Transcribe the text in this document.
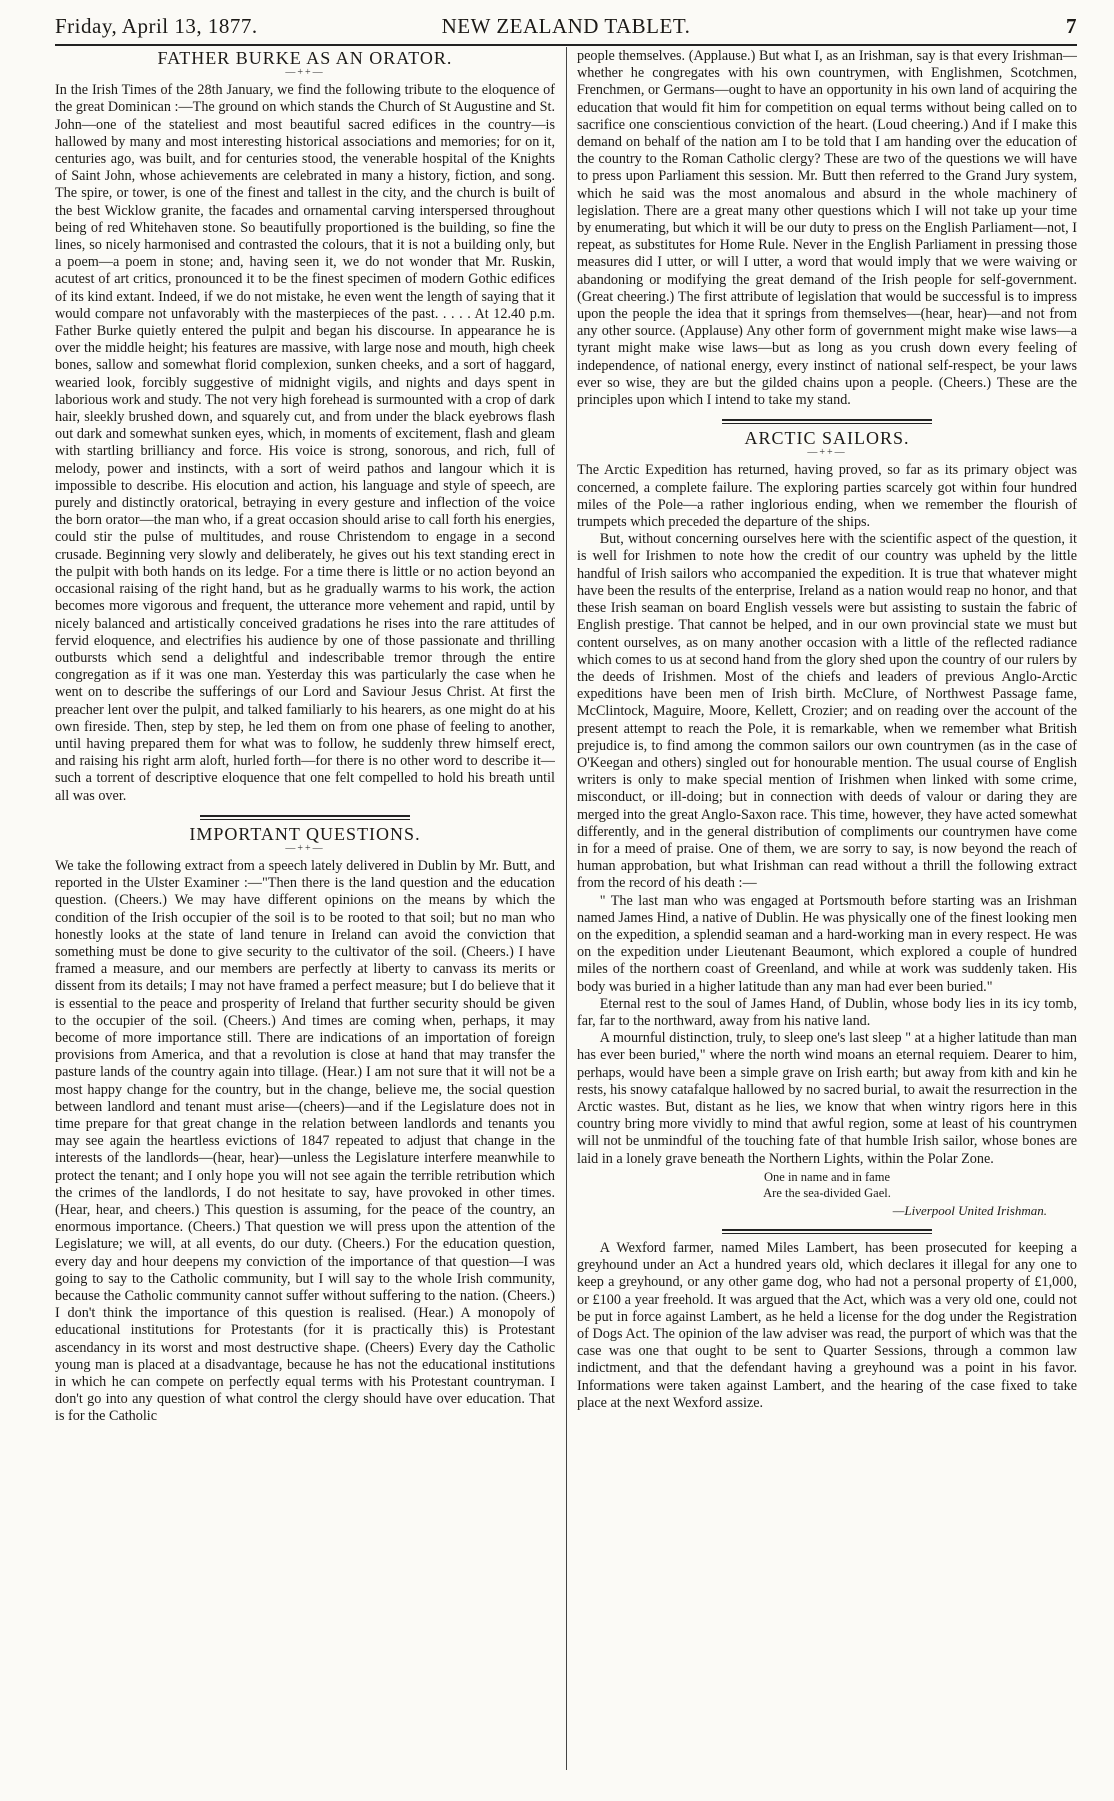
Friday, April 13, 1877.	NEW ZEALAND TABLET.	7
FATHER BURKE AS AN ORATOR.
—++—

In the Irish Times of the 28th January, we find the following tribute to the eloquence of the great Dominican :—The ground on which stands the Church of St Augustine and St. John—one of the stateliest and most beautiful sacred edifices in the country—is hallowed by many and most interesting historical associations and memories; for on it, centuries ago, was built, and for centuries stood, the venerable hospital of the Knights of Saint John, whose achievements are celebrated in many a history, fiction, and song. The spire, or tower, is one of the finest and tallest in the city, and the church is built of the best Wicklow granite, the facades and ornamental carving interspersed throughout being of red Whitehaven stone. So beautifully proportioned is the building, so fine the lines, so nicely harmonised and contrasted the colours, that it is not a building only, but a poem—a poem in stone; and, having seen it, we do not wonder that Mr. Ruskin, acutest of art critics, pronounced it to be the finest specimen of modern Gothic edifices of its kind extant. Indeed, if we do not mistake, he even went the length of saying that it would compare not unfavorably with the masterpieces of the past. . . . . At 12.40 p.m. Father Burke quietly entered the pulpit and began his discourse. In appearance he is over the middle height; his features are massive, with large nose and mouth, high cheek bones, sallow and somewhat florid complexion, sunken cheeks, and a sort of haggard, wearied look, forcibly suggestive of midnight vigils, and nights and days spent in laborious work and study. The not very high forehead is surmounted with a crop of dark hair, sleekly brushed down, and squarely cut, and from under the black eyebrows flash out dark and somewhat sunken eyes, which, in moments of excitement, flash and gleam with startling brilliancy and force. His voice is strong, sonorous, and rich, full of melody, power and instincts, with a sort of weird pathos and langour which it is impossible to describe. His elocution and action, his language and style of speech, are purely and distinctly oratorical, betraying in every gesture and inflection of the voice the born orator—the man who, if a great occasion should arise to call forth his energies, could stir the pulse of multitudes, and rouse Christendom to engage in a second crusade. Beginning very slowly and deliberately, he gives out his text standing erect in the pulpit with both hands on its ledge. For a time there is little or no action beyond an occasional raising of the right hand, but as he gradually warms to his work, the action becomes more vigorous and frequent, the utterance more vehement and rapid, until by nicely balanced and artistically conceived gradations he rises into the rare attitudes of fervid eloquence, and electrifies his audience by one of those passionate and thrilling outbursts which send a delightful and indescribable tremor through the entire congregation as if it was one man. Yesterday this was particularly the case when he went on to describe the sufferings of our Lord and Saviour Jesus Christ. At first the preacher lent over the pulpit, and talked familiarly to his hearers, as one might do at his own fireside. Then, step by step, he led them on from one phase of feeling to another, until having prepared them for what was to follow, he suddenly threw himself erect, and raising his right arm aloft, hurled forth—for there is no other word to describe it—such a torrent of descriptive eloquence that one felt compelled to hold his breath until all was over.

IMPORTANT QUESTIONS.
—++—

We take the following extract from a speech lately delivered in Dublin by Mr. Butt, and reported in the Ulster Examiner :—"Then there is the land question and the education question. (Cheers.) We may have different opinions on the means by which the condition of the Irish occupier of the soil is to be rooted to that soil; but no man who honestly looks at the state of land tenure in Ireland can avoid the conviction that something must be done to give security to the cultivator of the soil. (Cheers.) I have framed a measure, and our members are perfectly at liberty to canvass its merits or dissent from its details; I may not have framed a perfect measure; but I do believe that it is essential to the peace and prosperity of Ireland that further security should be given to the occupier of the soil. (Cheers.) And times are coming when, perhaps, it may become of more importance still. There are indications of an importation of foreign provisions from America, and that a revolution is close at hand that may transfer the pasture lands of the country again into tillage. (Hear.) I am not sure that it will not be a most happy change for the country, but in the change, believe me, the social question between landlord and tenant must arise—(cheers)—and if the Legislature does not in time prepare for that great change in the relation between landlords and tenants you may see again the heartless evictions of 1847 repeated to adjust that change in the interests of the landlords—(hear, hear)—unless the Legislature interfere meanwhile to protect the tenant; and I only hope you will not see again the terrible retribution which the crimes of the landlords, I do not hesitate to say, have provoked in other times. (Hear, hear, and cheers.) This question is assuming, for the peace of the country, an enormous importance. (Cheers.) That question we will press upon the attention of the Legislature; we will, at all events, do our duty. (Cheers.) For the education question, every day and hour deepens my conviction of the importance of that question—I was going to say to the Catholic community, but I will say to the whole Irish community, because the Catholic community cannot suffer without suffering to the nation. (Cheers.) I don't think the importance of this question is realised. (Hear.) A monopoly of educational institutions for Protestants (for it is practically this) is Protestant ascendancy in its worst and most destructive shape. (Cheers) Every day the Catholic young man is placed at a disadvantage, because he has not the educational institutions in which he can compete on perfectly equal terms with his Protestant countryman. I don't go into any question of what control the clergy should have over education. That is for the Catholic

people themselves. (Applause.) But what I, as an Irishman, say is that every Irishman—whether he congregates with his own countrymen, with Englishmen, Scotchmen, Frenchmen, or Germans—ought to have an opportunity in his own land of acquiring the education that would fit him for competition on equal terms without being called on to sacrifice one conscientious conviction of the heart. (Loud cheering.) And if I make this demand on behalf of the nation am I to be told that I am handing over the education of the country to the Roman Catholic clergy? These are two of the questions we will have to press upon Parliament this session. Mr. Butt then referred to the Grand Jury system, which he said was the most anomalous and absurd in the whole machinery of legislation. There are a great many other questions which I will not take up your time by enumerating, but which it will be our duty to press on the English Parliament—not, I repeat, as substitutes for Home Rule. Never in the English Parliament in pressing those measures did I utter, or will I utter, a word that would imply that we were waiving or abandoning or modifying the great demand of the Irish people for self-government. (Great cheering.) The first attribute of legislation that would be successful is to impress upon the people the idea that it springs from themselves—(hear, hear)—and not from any other source. (Applause) Any other form of government might make wise laws—a tyrant might make wise laws—but as long as you crush down every feeling of independence, of national energy, every instinct of national self-respect, be your laws ever so wise, they are but the gilded chains upon a people. (Cheers.) These are the principles upon which I intend to take my stand.

ARCTIC SAILORS.
—++—

The Arctic Expedition has returned, having proved, so far as its primary object was concerned, a complete failure. The exploring parties scarcely got within four hundred miles of the Pole—a rather inglorious ending, when we remember the flourish of trumpets which preceded the departure of the ships.

But, without concerning ourselves here with the scientific aspect of the question, it is well for Irishmen to note how the credit of our country was upheld by the little handful of Irish sailors who accompanied the expedition. It is true that whatever might have been the results of the enterprise, Ireland as a nation would reap no honor, and that these Irish seaman on board English vessels were but assisting to sustain the fabric of English prestige. That cannot be helped, and in our own provincial state we must but content ourselves, as on many another occasion with a little of the reflected radiance which comes to us at second hand from the glory shed upon the country of our rulers by the deeds of Irishmen. Most of the chiefs and leaders of previous Anglo-Arctic expeditions have been men of Irish birth. McClure, of Northwest Passage fame, McClintock, Maguire, Moore, Kellett, Crozier; and on reading over the account of the present attempt to reach the Pole, it is remarkable, when we remember what British prejudice is, to find among the common sailors our own countrymen (as in the case of O'Keegan and others) singled out for honourable mention. The usual course of English writers is only to make special mention of Irishmen when linked with some crime, misconduct, or ill-doing; but in connection with deeds of valour or daring they are merged into the great Anglo-Saxon race. This time, however, they have acted somewhat differently, and in the general distribution of compliments our countrymen have come in for a meed of praise. One of them, we are sorry to say, is now beyond the reach of human approbation, but what Irishman can read without a thrill the following extract from the record of his death :—

" The last man who was engaged at Portsmouth before starting was an Irishman named James Hind, a native of Dublin. He was physically one of the finest looking men on the expedition, a splendid seaman and a hard-working man in every respect. He was on the expedition under Lieutenant Beaumont, which explored a couple of hundred miles of the northern coast of Greenland, and while at work was suddenly taken. His body was buried in a higher latitude than any man had ever been buried."

Eternal rest to the soul of James Hand, of Dublin, whose body lies in its icy tomb, far, far to the northward, away from his native land.

A mournful distinction, truly, to sleep one's last sleep " at a higher latitude than man has ever been buried," where the north wind moans an eternal requiem. Dearer to him, perhaps, would have been a simple grave on Irish earth; but away from kith and kin he rests, his snowy catafalque hallowed by no sacred burial, to await the resurrection in the Arctic wastes. But, distant as he lies, we know that when wintry rigors here in this country bring more vividly to mind that awful region, some at least of his countrymen will not be unmindful of the touching fate of that humble Irish sailor, whose bones are laid in a lonely grave beneath the Northern Lights, within the Polar Zone.

One in name and in fame
Are the sea-divided Gael.
—Liverpool United Irishman.

A Wexford farmer, named Miles Lambert, has been prosecuted for keeping a greyhound under an Act a hundred years old, which declares it illegal for any one to keep a greyhound, or any other game dog, who had not a personal property of £1,000, or £100 a year freehold. It was argued that the Act, which was a very old one, could not be put in force against Lambert, as he held a license for the dog under the Registration of Dogs Act. The opinion of the law adviser was read, the purport of which was that the case was one that ought to be sent to Quarter Sessions, through a common law indictment, and that the defendant having a greyhound was a point in his favor. Informations were taken against Lambert, and the hearing of the case fixed to take place at the next Wexford assize.
